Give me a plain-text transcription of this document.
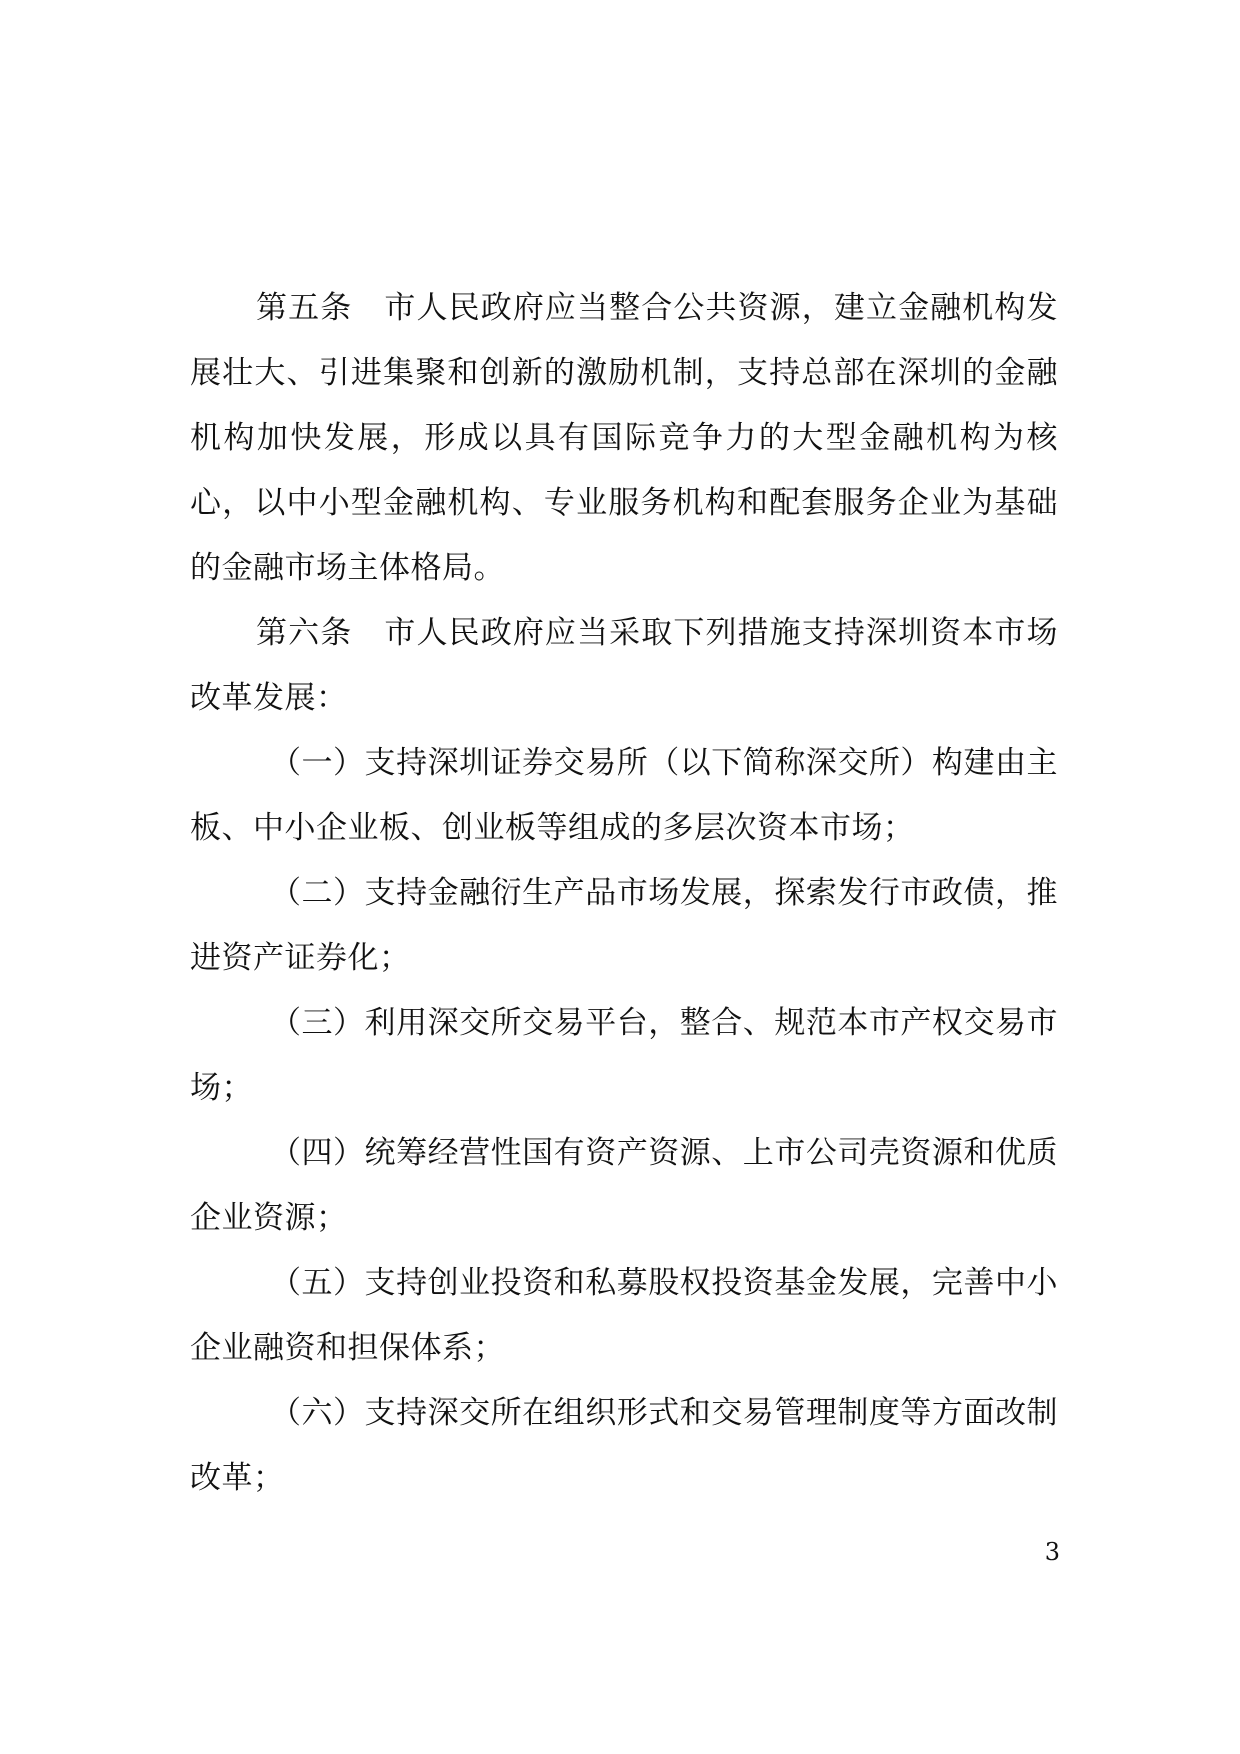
第五条　市人民政府应当整合公共资源，建立金融机构发展壮大、引进集聚和创新的激励机制，支持总部在深圳的金融机构加快发展，形成以具有国际竞争力的大型金融机构为核心，以中小型金融机构、专业服务机构和配套服务企业为基础的金融市场主体格局。

第六条　市人民政府应当采取下列措施支持深圳资本市场改革发展：

（一）支持深圳证券交易所（以下简称深交所）构建由主板、中小企业板、创业板等组成的多层次资本市场；

（二）支持金融衍生产品市场发展，探索发行市政债，推进资产证券化；

（三）利用深交所交易平台，整合、规范本市产权交易市场；

（四）统筹经营性国有资产资源、上市公司壳资源和优质企业资源；

（五）支持创业投资和私募股权投资基金发展，完善中小企业融资和担保体系；

（六）支持深交所在组织形式和交易管理制度等方面改制改革；

3
